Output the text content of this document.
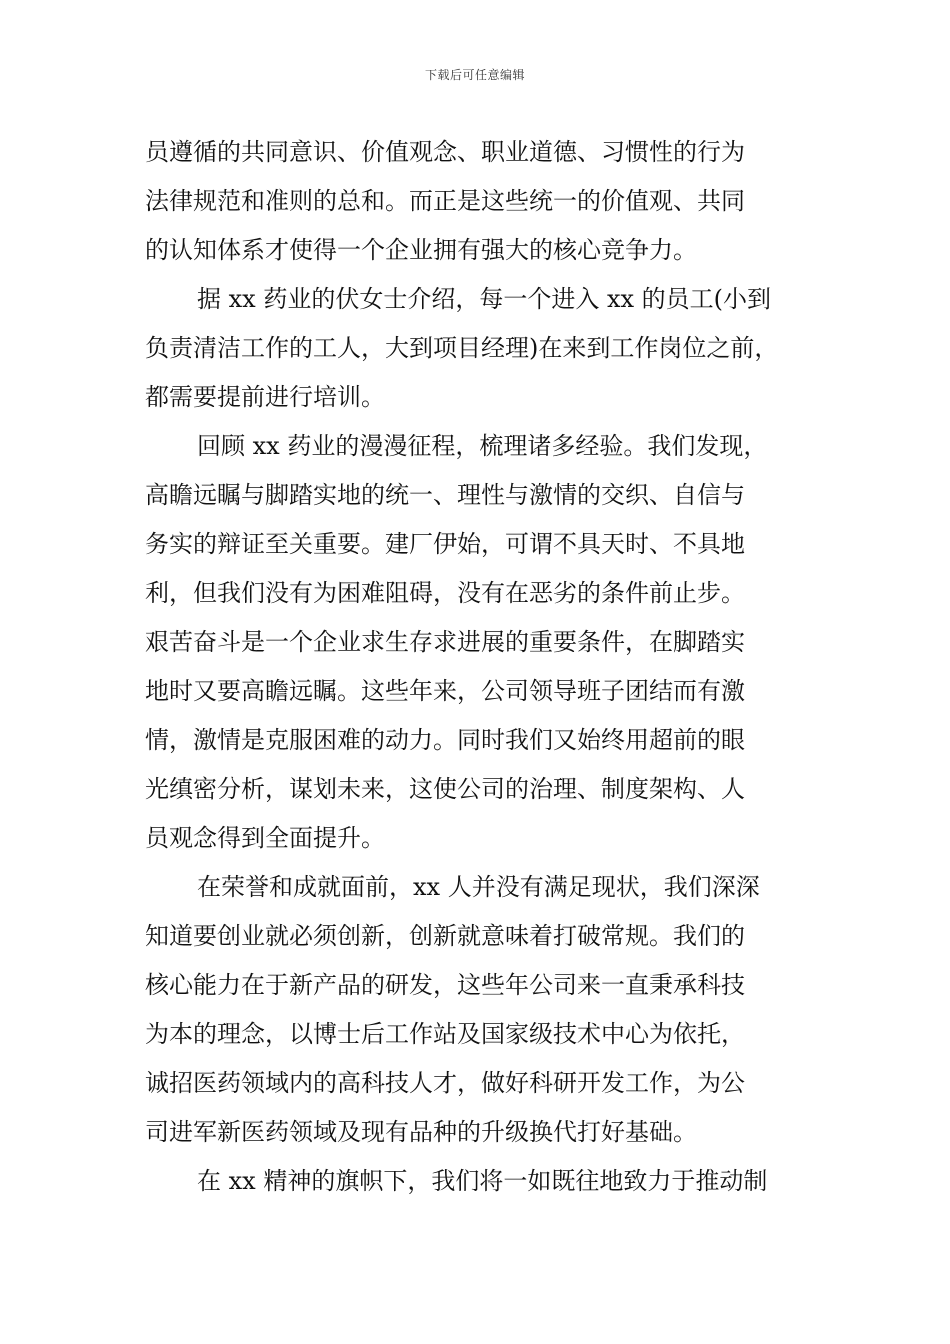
下载后可任意编辑
员遵循的共同意识、价值观念、职业道德、习惯性的行为
法律规范和准则的总和。而正是这些统一的价值观、共同
的认知体系才使得一个企业拥有强大的核心竞争力。
据 xx 药业的伏女士介绍，每一个进入 xx 的员工(小到
负责清洁工作的工人，大到项目经理)在来到工作岗位之前，
都需要提前进行培训。
回顾 xx 药业的漫漫征程，梳理诸多经验。我们发现，
高瞻远瞩与脚踏实地的统一、理性与激情的交织、自信与
务实的辩证至关重要。建厂伊始，可谓不具天时、不具地
利，但我们没有为困难阻碍，没有在恶劣的条件前止步。
艰苦奋斗是一个企业求生存求进展的重要条件，在脚踏实
地时又要高瞻远瞩。这些年来，公司领导班子团结而有激
情，激情是克服困难的动力。同时我们又始终用超前的眼
光缜密分析，谋划未来，这使公司的治理、制度架构、人
员观念得到全面提升。
在荣誉和成就面前，xx 人并没有满足现状，我们深深
知道要创业就必须创新，创新就意味着打破常规。我们的
核心能力在于新产品的研发，这些年公司来一直秉承科技
为本的理念，以博士后工作站及国家级技术中心为依托，
诚招医药领域内的高科技人才，做好科研开发工作，为公
司进军新医药领域及现有品种的升级换代打好基础。
在 xx 精神的旗帜下，我们将一如既往地致力于推动制
